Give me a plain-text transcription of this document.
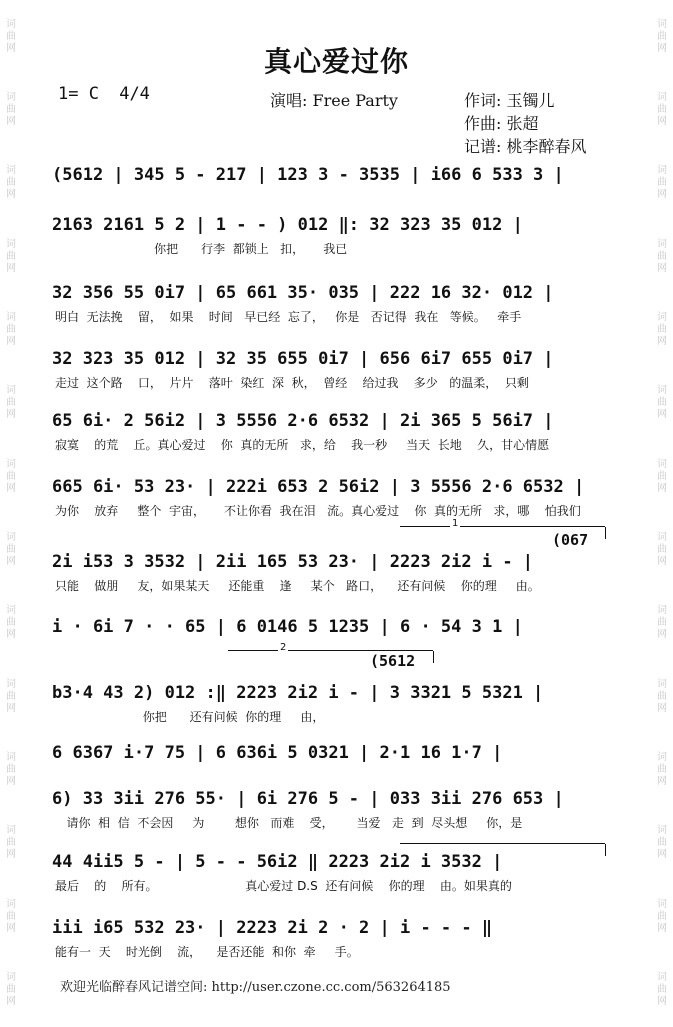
词
曲
网
词
曲
网
词
曲
网
词
曲
网
词
曲
网
词
曲
网
词
曲
网
词
曲
网
词
曲
网
词
曲
网
词
曲
网
词
曲
网
词
曲
网
词
曲
网
词
曲
网
词
曲
网
词
曲
网
词
曲
网
词
曲
网
词
曲
网
词
曲
网
词
曲
网
词
曲
网
词
曲
网
词
曲
网
词
曲
网
词
曲
网
词
曲
网
真心爱过你
1= C 4/4	演唱: Free Party	作词: 玉镯儿
作曲: 张超
记谱: 桃李醉春风
(5612 | 345 5 - 217 | 123 3 - 3535 | i66 6 533 3 |
2163 2161 5 2 | 1 - - ) 012 ‖: 32 323 35 012 |
你把      行李  都锁上   扣，     我已
32 356 55 0i7 | 65 661 35· 035 | 222 16 32· 012 |
明白  无法挽    留，  如果    时间   早已经  忘了，   你是   否记得  我在   等候。   牵手
32 323 35 012 | 32 35 655 0i7 | 656 6i7 655 0i7 |
走过  这个路    口，  片片    落叶  染红  深  秋，  曾经    给过我    多少   的温柔，  只剩
65 6i· 2 56i2 | 3 5556 2·6 6532 | 2i 365 5 56i7 |
寂寞    的荒    丘。真心爱过    你  真的无所   求，给    我一秒     当天  长地    久，甘心情愿
665 6i· 53 23· | 222i 653 2 56i2 | 3 5556 2·6 6532 |
为你    放弃     整个  宇宙，     不让你看  我在泪   流。真心爱过    你  真的无所   求，哪    怕我们
2i i53 3 3532 | 2ii 165 53 23· | 2223 2i2 i - |
只能    做朋     友，如果某天     还能重    逢     某个   路口，    还有问候    你的理     由。
i · 6i 7 · · 65 | 6 0146 5 1235 | 6 · 54 3 1 |
b3·4 43 2) 012 :‖ 2223 2i2 i - | 3 3321 5 5321 |
你把      还有问候  你的理     由，
6 6367 i·7 75 | 6 636i 5 0321 | 2·1 16 1·7 |
6) 33 3ii 276 55· | 6i 276 5 - | 033 3ii 276 653 |
请你  相  信  不会因     为        想你   而难    受，      当爱   走  到  尽头想     你，是
44 4ii5 5 - | 5 - - 56i2 ‖ 2223 2i2 i 3532 |
最后    的    所有。                       真心爱过 D.S  还有问候    你的理    由。如果真的
iii i65 532 23· | 2223 2i 2 · 2 | i - - - ‖
能有一  天    时光倒    流，    是否还能  和你  牵     手。
1
(067
2
(5612
欢迎光临醉春风记谱空间: http://user.czone.cc.com/563264185
